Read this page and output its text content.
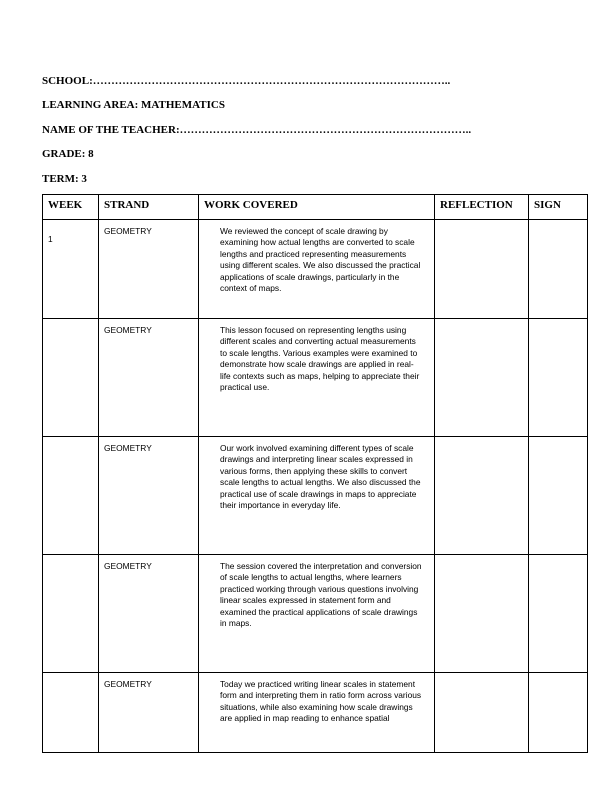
SCHOOL:……………………………………………………………………………………..
LEARNING AREA: MATHEMATICS
NAME OF THE TEACHER:……………………………………………………………………..
GRADE: 8
TERM: 3
WEEK	STRAND	WORK COVERED	REFLECTION	SIGN
1	GEOMETRY	We reviewed the concept of scale drawing by examining how actual lengths are converted to scale lengths and practiced representing measurements using different scales. We also discussed the practical applications of scale drawings, particularly in the context of maps.		
	GEOMETRY	This lesson focused on representing lengths using different scales and converting actual measurements to scale lengths. Various examples were examined to demonstrate how scale drawings are applied in real-life contexts such as maps, helping to appreciate their practical use.		
	GEOMETRY	Our work involved examining different types of scale drawings and interpreting linear scales expressed in various forms, then applying these skills to convert scale lengths to actual lengths. We also discussed the practical use of scale drawings in maps to appreciate their importance in everyday life.		
	GEOMETRY	The session covered the interpretation and conversion of scale lengths to actual lengths, where learners practiced working through various questions involving linear scales expressed in statement form and examined the practical applications of scale drawings in maps.		
	GEOMETRY	Today we practiced writing linear scales in statement form and interpreting them in ratio form across various situations, while also examining how scale drawings are applied in map reading to enhance spatial		
